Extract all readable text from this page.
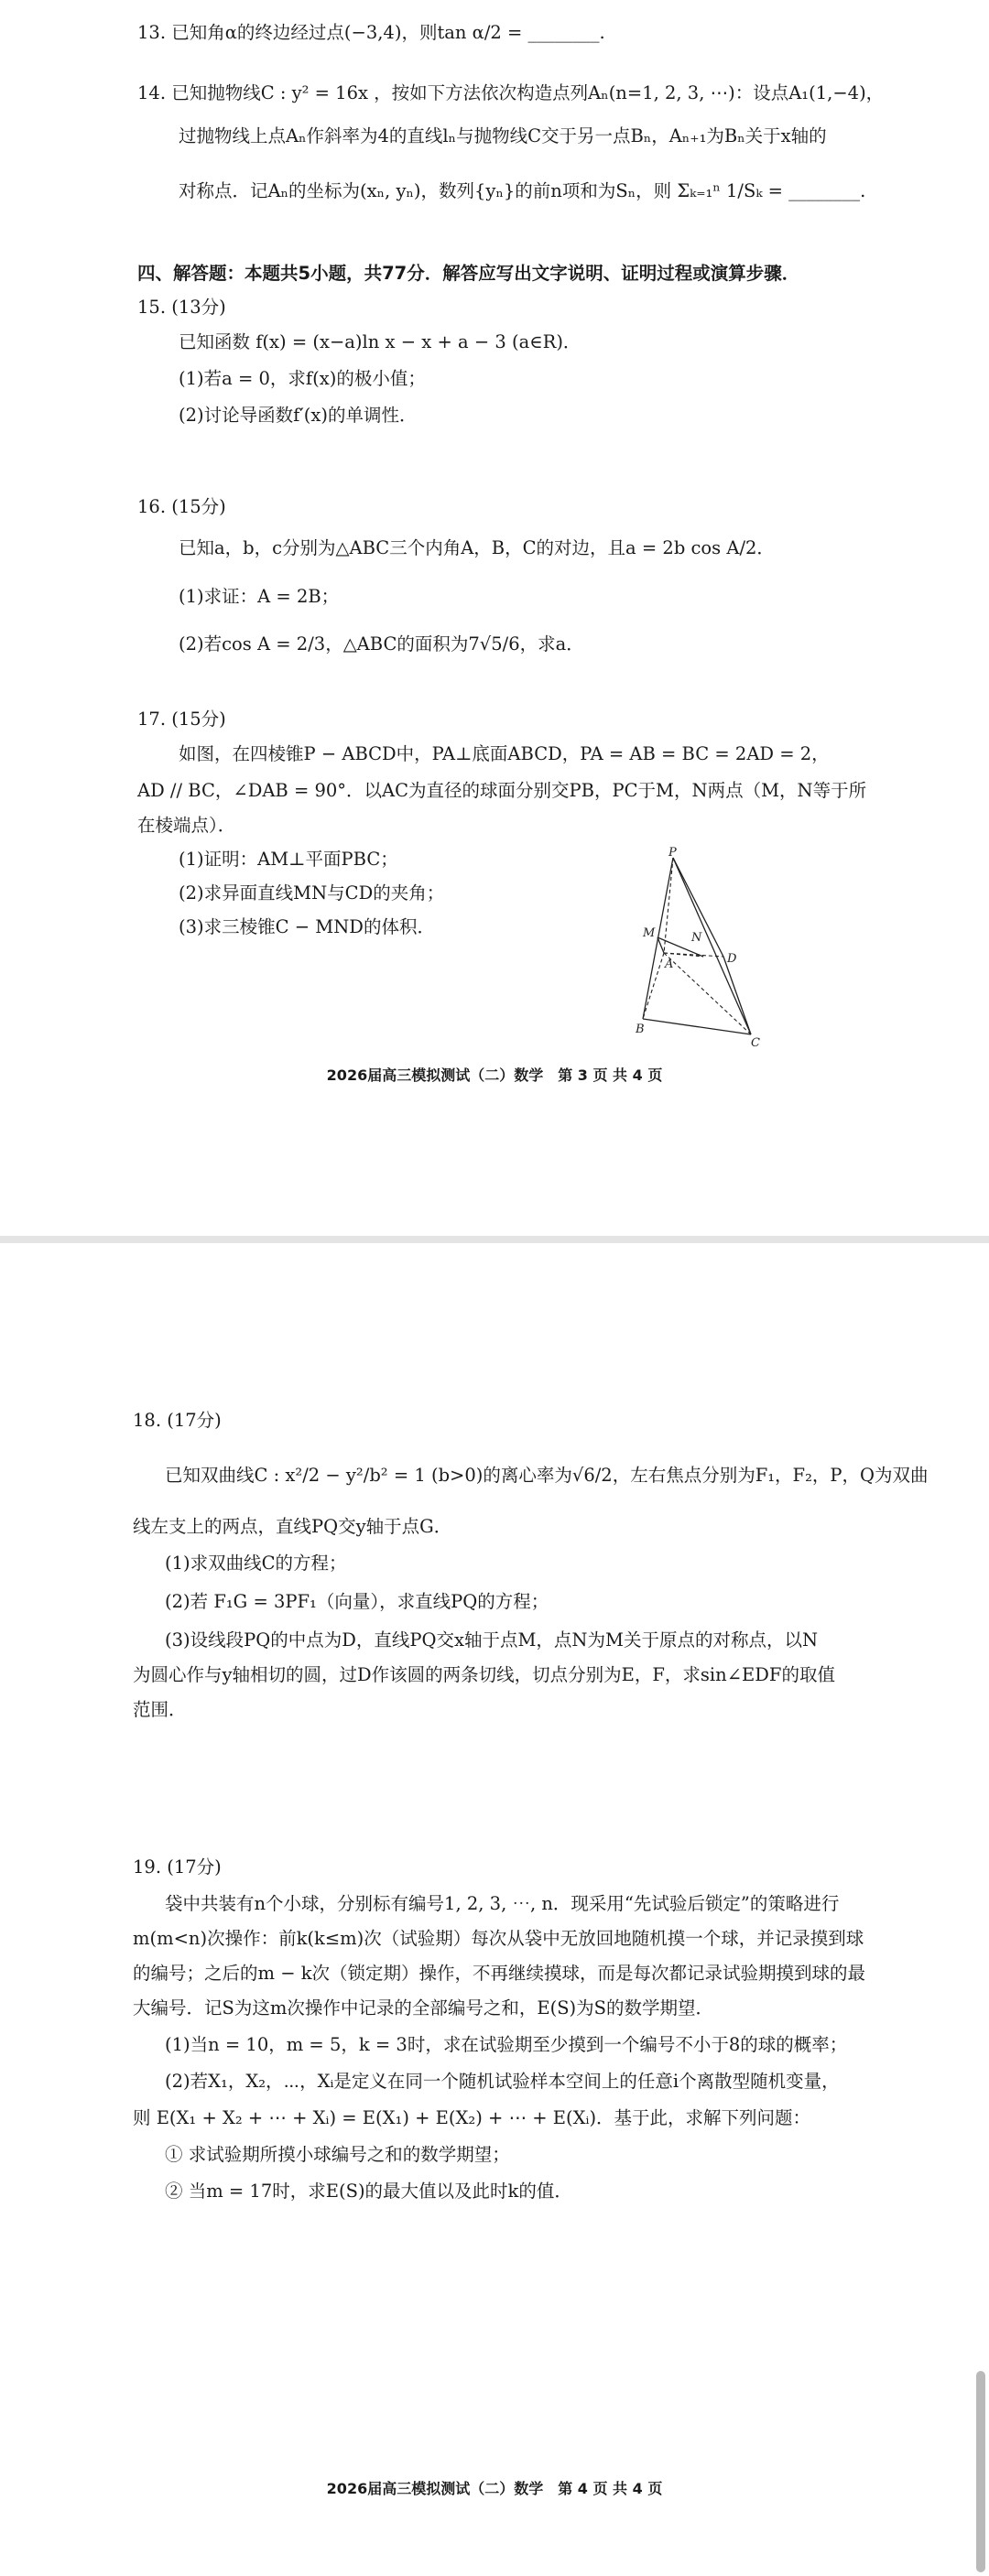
13. 已知角α的终边经过点(−3,4)，则tan α/2 = ________.
14. 已知抛物线C : y² = 16x ，按如下方法依次构造点列Aₙ(n=1, 2, 3, ⋯)：设点A₁(1,−4)，
过抛物线上点Aₙ作斜率为4的直线lₙ与抛物线C交于另一点Bₙ，Aₙ₊₁为Bₙ关于x轴的
对称点．记Aₙ的坐标为(xₙ, yₙ)，数列{yₙ}的前n项和为Sₙ，则 Σₖ₌₁ⁿ 1/Sₖ = ________.
四、解答题：本题共5小题，共77分．解答应写出文字说明、证明过程或演算步骤．
15. (13分)
已知函数 f(x) = (x−a)ln x − x + a − 3 (a∈R)．
(1)若a = 0，求f(x)的极小值；
(2)讨论导函数f′(x)的单调性．
16. (15分)
已知a，b，c分别为△ABC三个内角A，B，C的对边，且a = 2b cos A/2．
(1)求证：A = 2B；
(2)若cos A = 2/3，△ABC的面积为7√5/6，求a．
17. (15分)
如图，在四棱锥P − ABCD中，PA⊥底面ABCD，PA = AB = BC = 2AD = 2，
AD // BC，∠DAB = 90°．以AC为直径的球面分别交PB，PC于M，N两点（M，N等于所
在棱端点）．
(1)证明：AM⊥平面PBC；
(2)求异面直线MN与CD的夹角；
(3)求三棱锥C − MND的体积．
P
M	N
A	D
B
C
2026届高三模拟测试（二）数学　第 3 页 共 4 页
18. (17分)
已知双曲线C : x²/2 − y²/b² = 1 (b>0)的离心率为√6/2，左右焦点分别为F₁，F₂，P，Q为双曲
线左支上的两点，直线PQ交y轴于点G．
(1)求双曲线C的方程；
(2)若 F₁G = 3PF₁（向量），求直线PQ的方程；
(3)设线段PQ的中点为D，直线PQ交x轴于点M，点N为M关于原点的对称点，以N
为圆心作与y轴相切的圆，过D作该圆的两条切线，切点分别为E，F，求sin∠EDF的取值
范围．
19. (17分)
袋中共装有n个小球，分别标有编号1, 2, 3, ⋯, n．现采用“先试验后锁定”的策略进行
m(m<n)次操作：前k(k≤m)次（试验期）每次从袋中无放回地随机摸一个球，并记录摸到球
的编号；之后的m − k次（锁定期）操作，不再继续摸球，而是每次都记录试验期摸到球的最
大编号．记S为这m次操作中记录的全部编号之和，E(S)为S的数学期望．
(1)当n = 10，m = 5，k = 3时，求在试验期至少摸到一个编号不小于8的球的概率；
(2)若X₁，X₂，⋯，Xᵢ是定义在同一个随机试验样本空间上的任意i个离散型随机变量，
则 E(X₁ + X₂ + ⋯ + Xᵢ) = E(X₁) + E(X₂) + ⋯ + E(Xᵢ)．基于此，求解下列问题：
① 求试验期所摸小球编号之和的数学期望；
② 当m = 17时，求E(S)的最大值以及此时k的值．
2026届高三模拟测试（二）数学　第 4 页 共 4 页
